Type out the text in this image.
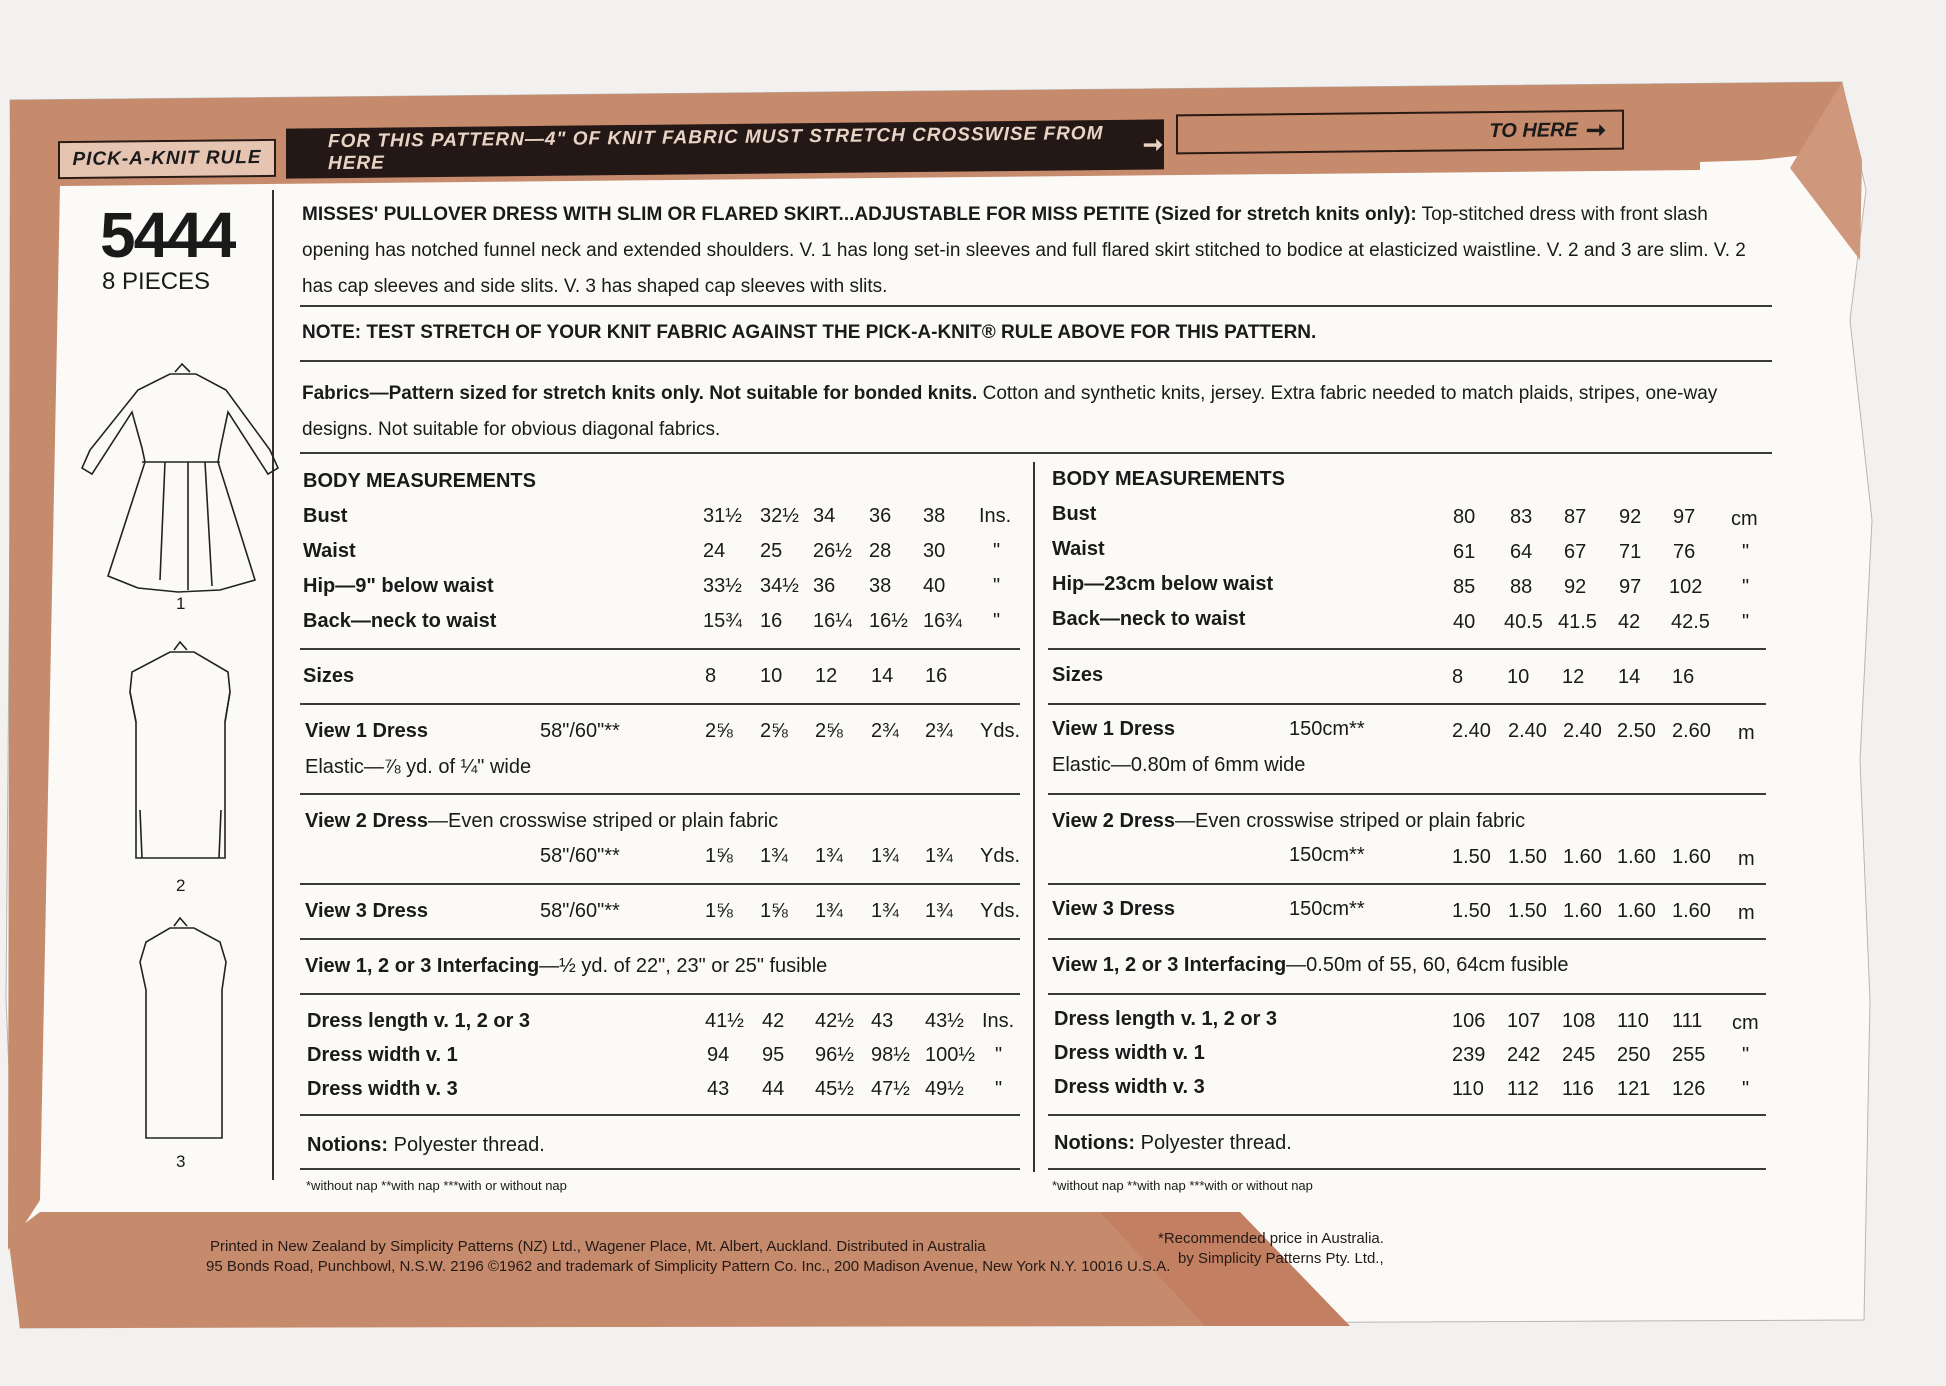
PICK-A-KNIT RULE
FOR THIS PATTERN—4" OF KNIT FABRIC MUST STRETCH CROSSWISE FROM HERE
➞
TO HERE ➞
5444
8 PIECES
1
2
3
MISSES' PULLOVER DRESS WITH SLIM OR FLARED SKIRT...ADJUSTABLE FOR MISS PETITE (Sized for stretch knits only): Top-stitched dress with front slash opening has notched funnel neck and extended shoulders. V. 1 has long set-in sleeves and full flared skirt stitched to bodice at elasticized waistline. V. 2 and 3 are slim. V. 2 has cap sleeves and side slits. V. 3 has shaped cap sleeves with slits.
NOTE: TEST STRETCH OF YOUR KNIT FABRIC AGAINST THE PICK-A-KNIT® RULE ABOVE FOR THIS PATTERN.
Fabrics—Pattern sized for stretch knits only. Not suitable for bonded knits. Cotton and synthetic knits, jersey. Extra fabric needed to match plaids, stripes, one-way designs. Not suitable for obvious diagonal fabrics.
BODY MEASUREMENTS
Bust	31½ 32½ 34 36 38 Ins.
Waist	24 25 26½ 28 30 "
Hip—9" below waist	33½ 34½ 36 38 40 "
Back—neck to waist	15¾ 16 16¼ 16½ 16¾ "
Sizes	8 10 12 14 16
View 1 Dress	58"/60"**	2⅝ 2⅝ 2⅝ 2¾ 2¾ Yds.
Elastic—⅞ yd. of ¼" wide
View 2 Dress—Even crosswise striped or plain fabric
58"/60"**	1⅝ 1¾ 1¾ 1¾ 1¾ Yds.
View 3 Dress	58"/60"**	1⅝ 1⅝ 1¾ 1¾ 1¾ Yds.
View 1, 2 or 3 Interfacing—½ yd. of 22", 23" or 25" fusible
Dress length v. 1, 2 or 3	41½ 42 42½ 43 43½ Ins.
Dress width v. 1	94 95 96½ 98½ 100½ "
Dress width v. 3	43 44 45½ 47½ 49½ "
Notions: Polyester thread.
*without nap **with nap ***with or without nap
BODY MEASUREMENTS
Bust	80 83 87 92 97 cm
Waist	61 64 67 71 76 "
Hip—23cm below waist	85 88 92 97 102 "
Back—neck to waist	40 40.5 41.5 42 42.5 "
Sizes	8 10 12 14 16
View 1 Dress	150cm**	2.40 2.40 2.40 2.50 2.60 m
Elastic—0.80m of 6mm wide
View 2 Dress—Even crosswise striped or plain fabric
150cm**	1.50 1.50 1.60 1.60 1.60 m
View 3 Dress	150cm**	1.50 1.50 1.60 1.60 1.60 m
View 1, 2 or 3 Interfacing—0.50m of 55, 60, 64cm fusible
Dress length v. 1, 2 or 3	106 107 108 110 111 cm
Dress width v. 1	239 242 245 250 255 "
Dress width v. 3	110 112 116 121 126 "
Notions: Polyester thread.
*without nap **with nap ***with or without nap
Printed in New Zealand by Simplicity Patterns (NZ) Ltd., Wagener Place, Mt. Albert, Auckland. Distributed in Australia
95 Bonds Road, Punchbowl, N.S.W. 2196 ©1962 and trademark of Simplicity Pattern Co. Inc., 200 Madison Avenue, New York N.Y. 10016 U.S.A.
*Recommended price in Australia.
by Simplicity Patterns Pty. Ltd.,
